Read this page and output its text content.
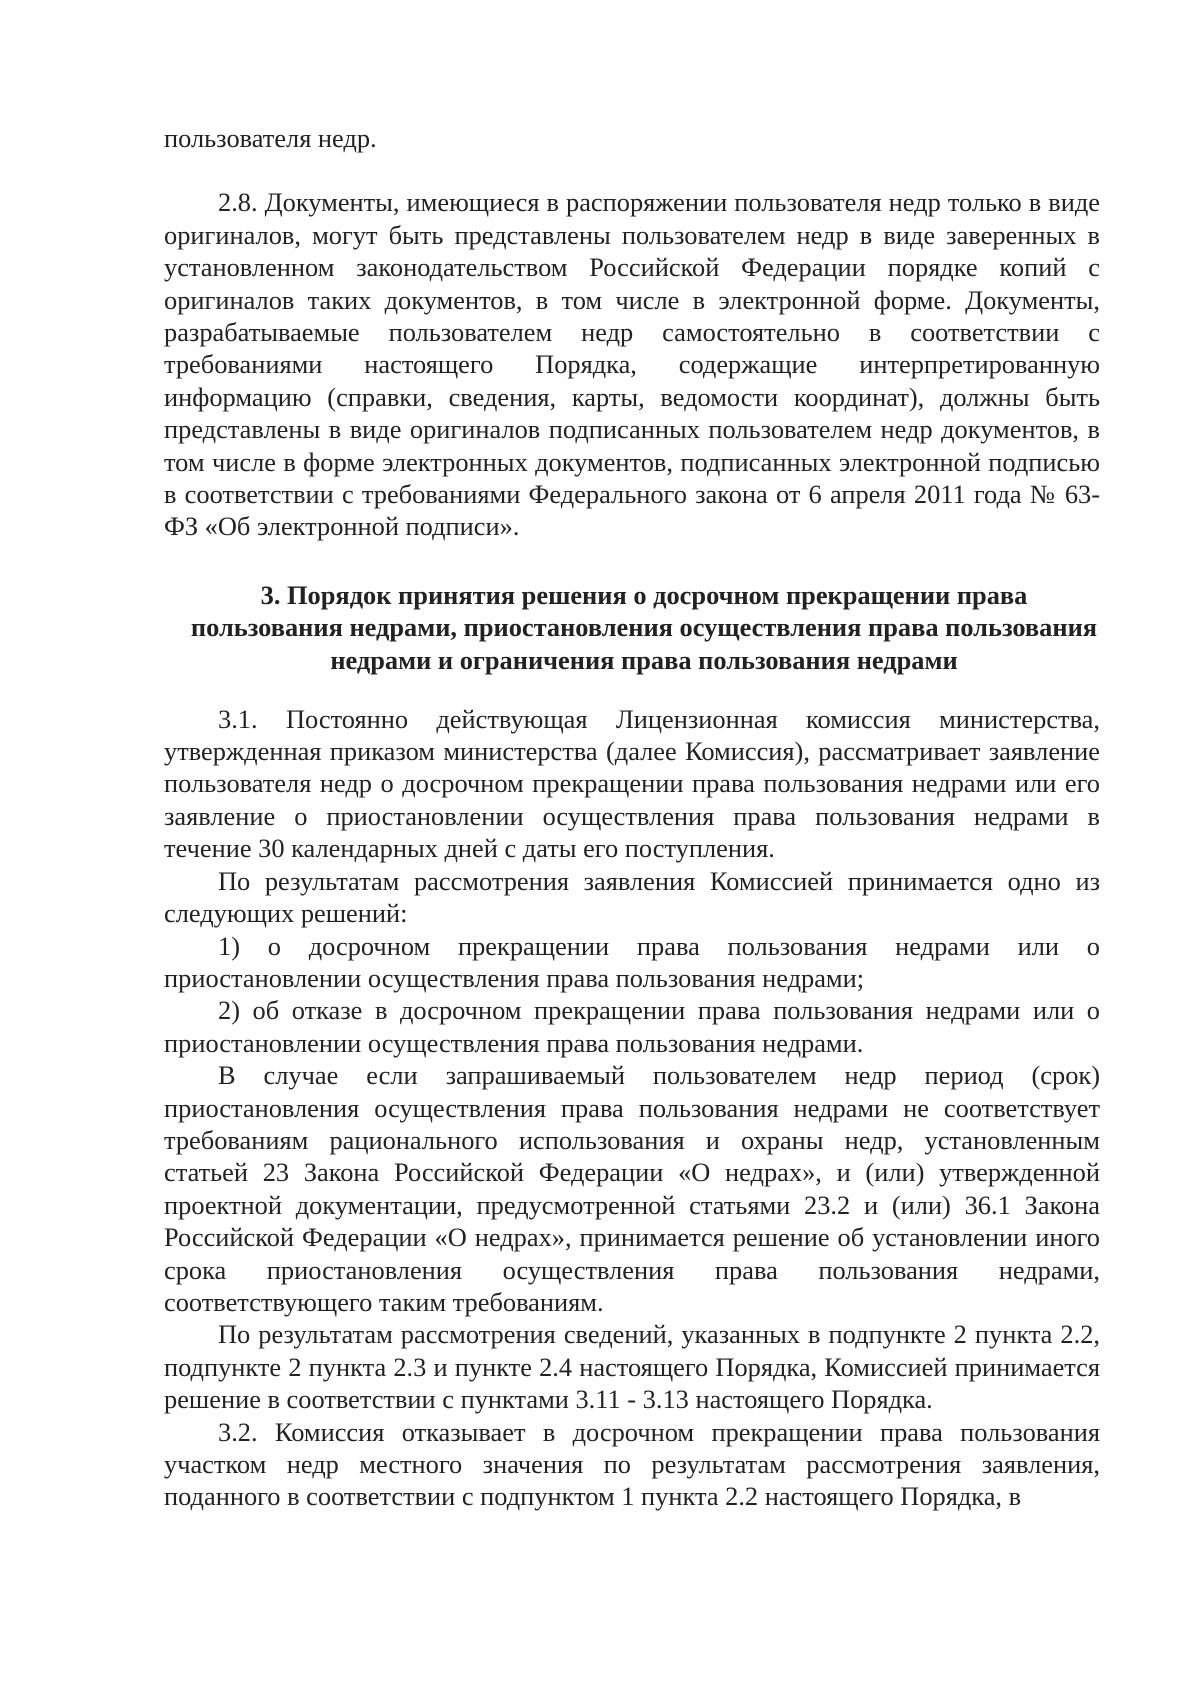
пользователя недр.

2.8. Документы, имеющиеся в распоряжении пользователя недр только в виде оригиналов, могут быть представлены пользователем недр в виде заверенных в установленном законодательством Российской Федерации порядке копий с оригиналов таких документов, в том числе в электронной форме. Документы, разрабатываемые пользователем недр самостоятельно в соответствии с требованиями настоящего Порядка, содержащие интерпретированную информацию (справки, сведения, карты, ведомости координат), должны быть представлены в виде оригиналов подписанных пользователем недр документов, в том числе в форме электронных документов, подписанных электронной подписью в соответствии с требованиями Федерального закона от 6 апреля 2011 года № 63-ФЗ «Об электронной подписи».

3. Порядок принятия решения о досрочном прекращении права пользования недрами, приостановления осуществления права пользования недрами и ограничения права пользования недрами

3.1. Постоянно действующая Лицензионная комиссия министерства, утвержденная приказом министерства (далее Комиссия), рассматривает заявление пользователя недр о досрочном прекращении права пользования недрами или его заявление о приостановлении осуществления права пользования недрами в течение 30 календарных дней с даты его поступления.

По результатам рассмотрения заявления Комиссией принимается одно из следующих решений:

1) о досрочном прекращении права пользования недрами или о приостановлении осуществления права пользования недрами;

2) об отказе в досрочном прекращении права пользования недрами или о приостановлении осуществления права пользования недрами.

В случае если запрашиваемый пользователем недр период (срок) приостановления осуществления права пользования недрами не соответствует требованиям рационального использования и охраны недр, установленным статьей 23 Закона Российской Федерации «О недрах», и (или) утвержденной проектной документации, предусмотренной статьями 23.2 и (или) 36.1 Закона Российской Федерации «О недрах», принимается решение об установлении иного срока приостановления осуществления права пользования недрами, соответствующего таким требованиям.

По результатам рассмотрения сведений, указанных в подпункте 2 пункта 2.2, подпункте 2 пункта 2.3 и пункте 2.4 настоящего Порядка, Комиссией принимается решение в соответствии с пунктами 3.11 - 3.13 настоящего Порядка.

3.2. Комиссия отказывает в досрочном прекращении права пользования участком недр местного значения по результатам рассмотрения заявления, поданного в соответствии с подпунктом 1 пункта 2.2 настоящего Порядка, в
